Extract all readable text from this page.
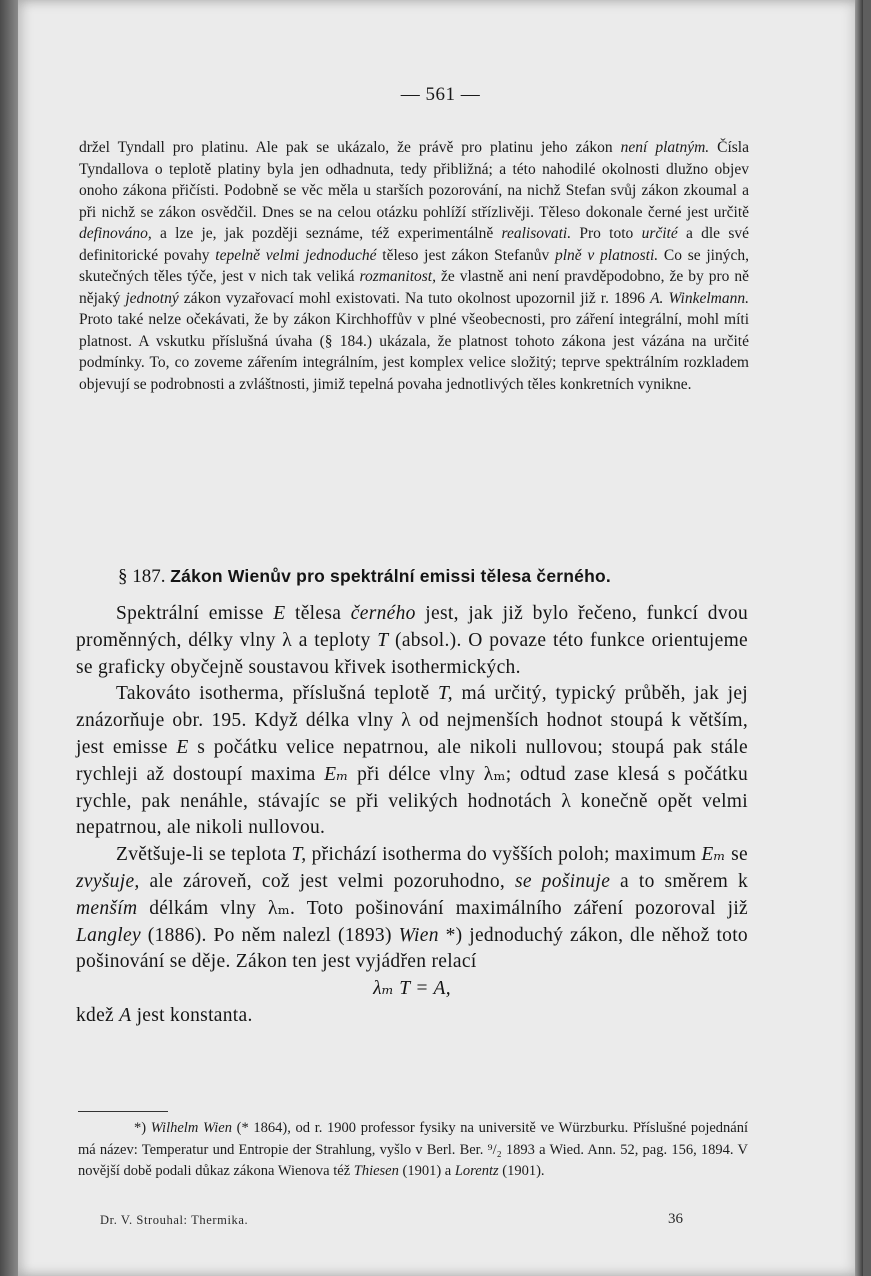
— 561 —

držel Tyndall pro platinu. Ale pak se ukázalo, že právě pro platinu jeho zákon není platným. Čísla Tyndallova o teplotě platiny byla jen odhadnuta, tedy přibližná; a této nahodilé okolnosti dlužno objev onoho zákona přičísti. Podobně se věc měla u starších pozorování, na nichž Stefan svůj zákon zkoumal a při nichž se zákon osvědčil. Dnes se na celou otázku pohlíží střízlivěji. Těleso dokonale černé jest určitě definováno, a lze je, jak později seznáme, též experimentálně realisovati. Pro toto určité a dle své definitorické povahy tepelně velmi jednoduché těleso jest zákon Stefanův plně v platnosti. Co se jiných, skutečných těles týče, jest v nich tak veliká rozmanitost, že vlastně ani není pravděpodobno, že by pro ně nějaký jednotný zákon vyzařovací mohl existovati. Na tuto okolnost upozornil již r. 1896 A. Winkelmann. Proto také nelze očekávati, že by zákon Kirchhoffův v plné všeobecnosti, pro záření integrální, mohl míti platnost. A vskutku příslušná úvaha (§ 184.) ukázala, že platnost tohoto zákona jest vázána na určité podmínky. To, co zoveme zářením integrálním, jest komplex velice složitý; teprve spektrálním rozkladem objevují se podrobnosti a zvláštnosti, jimiž tepelná povaha jednotlivých těles konkretních vynikne.

§ 187. Zákon Wienův pro spektrální emissi tělesa černého.

Spektrální emisse E tělesa černého jest, jak již bylo řečeno, funkcí dvou proměnných, délky vlny λ a teploty T (absol.). O povaze této funkce orientujeme se graficky obyčejně soustavou křivek isothermických.

Takováto isotherma, příslušná teplotě T, má určitý, typický průběh, jak jej znázorňuje obr. 195. Když délka vlny λ od nejmenších hodnot stoupá k větším, jest emisse E s počátku velice nepatrnou, ale nikoli nullovou; stoupá pak stále rychleji až dostoupí maxima Eₘ při délce vlny λₘ; odtud zase klesá s počátku rychle, pak nenáhle, stávajíc se při velikých hodnotách λ konečně opět velmi nepatrnou, ale nikoli nullovou.

Zvětšuje-li se teplota T, přichází isotherma do vyšších poloh; maximum Eₘ se zvyšuje, ale zároveň, což jest velmi pozoruhodno, se pošinuje a to směrem k menším délkám vlny λₘ. Toto pošinování maximálního záření pozoroval již Langley (1886). Po něm nalezl (1893) Wien *) jednoduchý zákon, dle něhož toto pošinování se děje. Zákon ten jest vyjádřen relací

λₘ T = A,

kdež A jest konstanta.

*) Wilhelm Wien (* 1864), od r. 1900 professor fysiky na universitě ve Würzburku. Příslušné pojednání má název: Temperatur und Entropie der Strahlung, vyšlo v Berl. Ber. ⁹/₂ 1893 a Wied. Ann. 52, pag. 156, 1894. V novější době podali důkaz zákona Wienova též Thiesen (1901) a Lorentz (1901).

Dr. V. Strouhal: Thermika.	36
